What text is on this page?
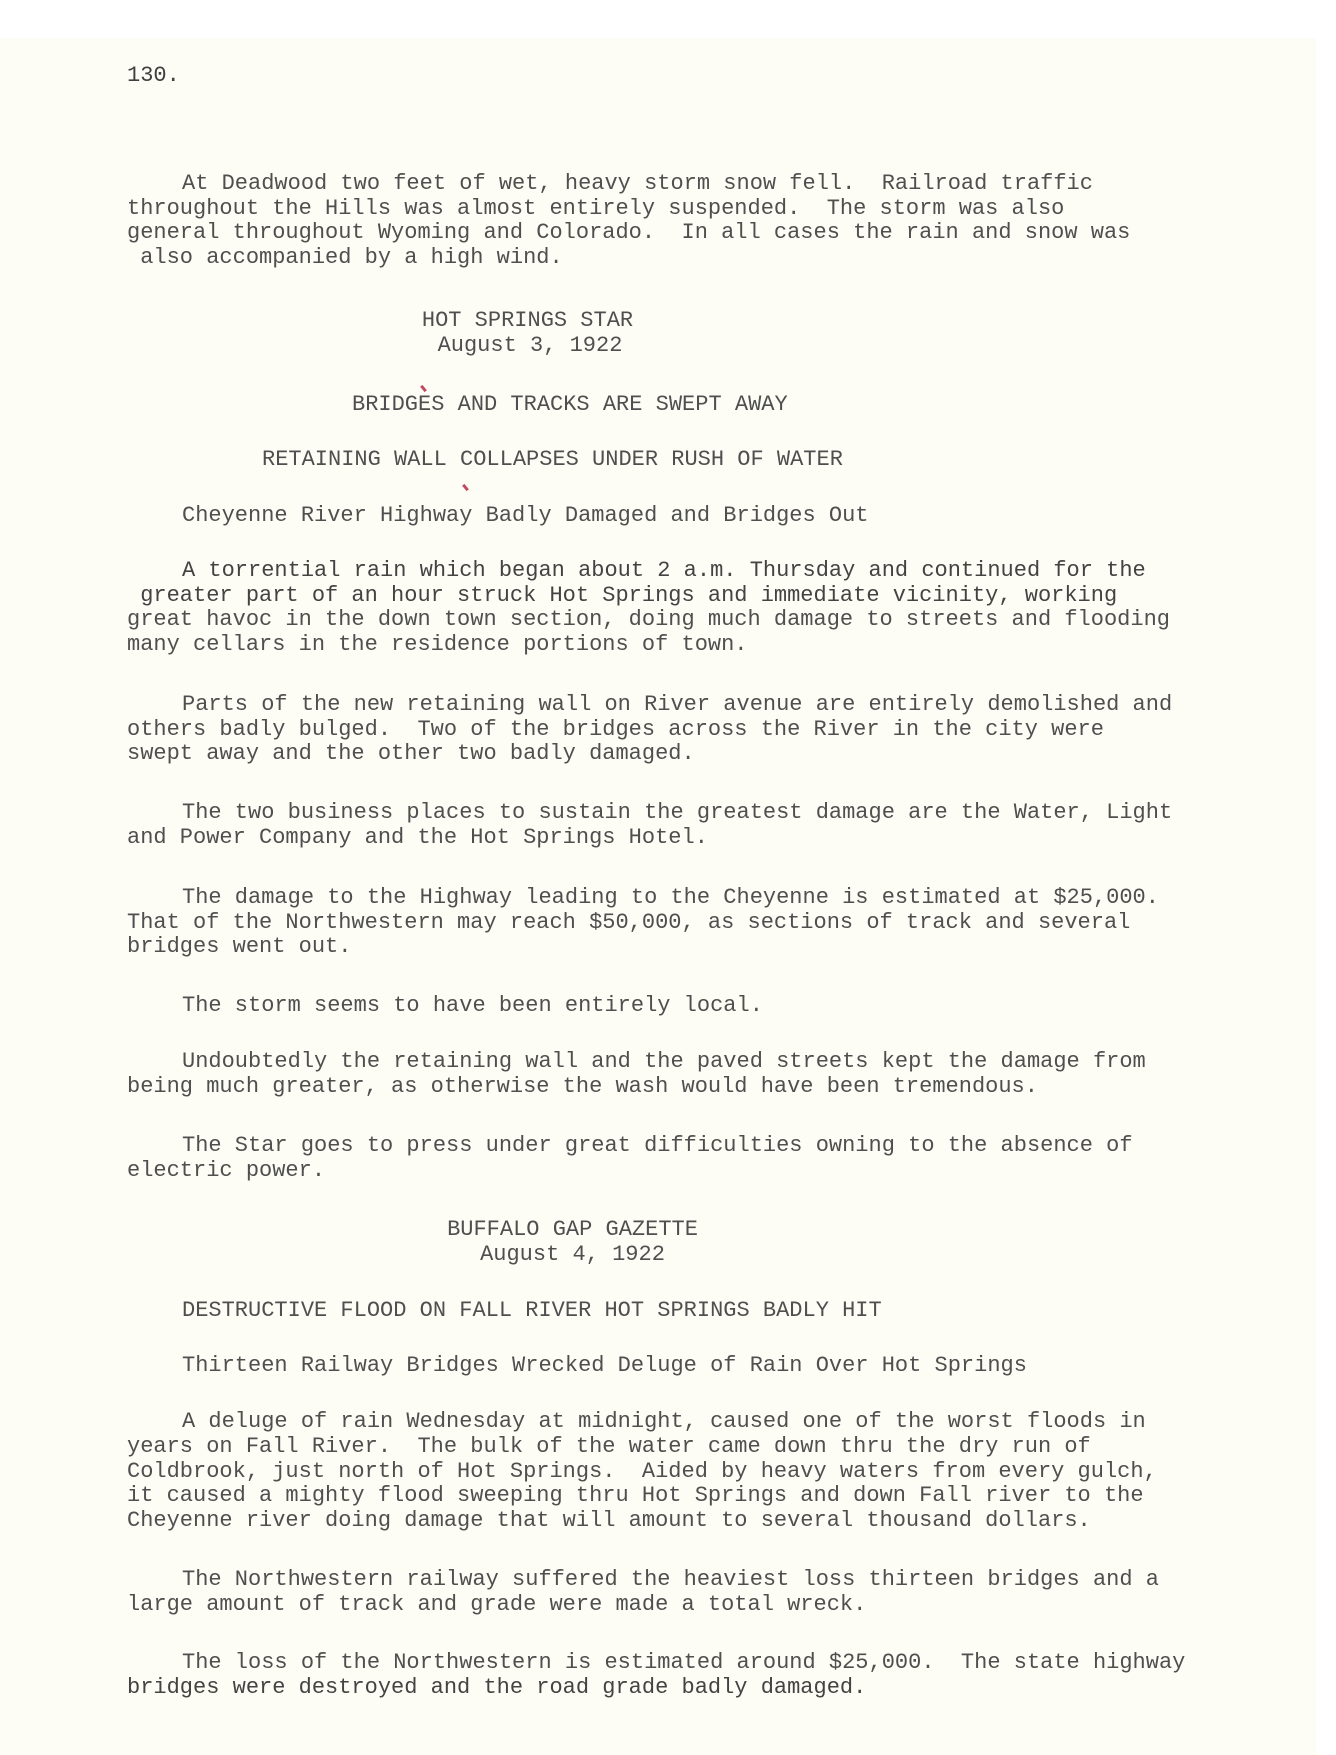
130.
At Deadwood two feet of wet, heavy storm snow fell.  Railroad traffic
throughout the Hills was almost entirely suspended.  The storm was also
general throughout Wyoming and Colorado.  In all cases the rain and snow was
also accompanied by a high wind.
HOT SPRINGS STAR
August 3, 1922
BRIDGES AND TRACKS ARE SWEPT AWAY
RETAINING WALL COLLAPSES UNDER RUSH OF WATER
Cheyenne River Highway Badly Damaged and Bridges Out
A torrential rain which began about 2 a.m. Thursday and continued for the
greater part of an hour struck Hot Springs and immediate vicinity, working
great havoc in the down town section, doing much damage to streets and flooding
many cellars in the residence portions of town.
Parts of the new retaining wall on River avenue are entirely demolished and
others badly bulged.  Two of the bridges across the River in the city were
swept away and the other two badly damaged.
The two business places to sustain the greatest damage are the Water, Light
and Power Company and the Hot Springs Hotel.
The damage to the Highway leading to the Cheyenne is estimated at $25,000.
That of the Northwestern may reach $50,000, as sections of track and several
bridges went out.
The storm seems to have been entirely local.
Undoubtedly the retaining wall and the paved streets kept the damage from
being much greater, as otherwise the wash would have been tremendous.
The Star goes to press under great difficulties owning to the absence of
electric power.
BUFFALO GAP GAZETTE
August 4, 1922
DESTRUCTIVE FLOOD ON FALL RIVER HOT SPRINGS BADLY HIT
Thirteen Railway Bridges Wrecked Deluge of Rain Over Hot Springs
A deluge of rain Wednesday at midnight, caused one of the worst floods in
years on Fall River.  The bulk of the water came down thru the dry run of
Coldbrook, just north of Hot Springs.  Aided by heavy waters from every gulch,
it caused a mighty flood sweeping thru Hot Springs and down Fall river to the
Cheyenne river doing damage that will amount to several thousand dollars.
The Northwestern railway suffered the heaviest loss thirteen bridges and a
large amount of track and grade were made a total wreck.
The loss of the Northwestern is estimated around $25,000.  The state highway
bridges were destroyed and the road grade badly damaged.
